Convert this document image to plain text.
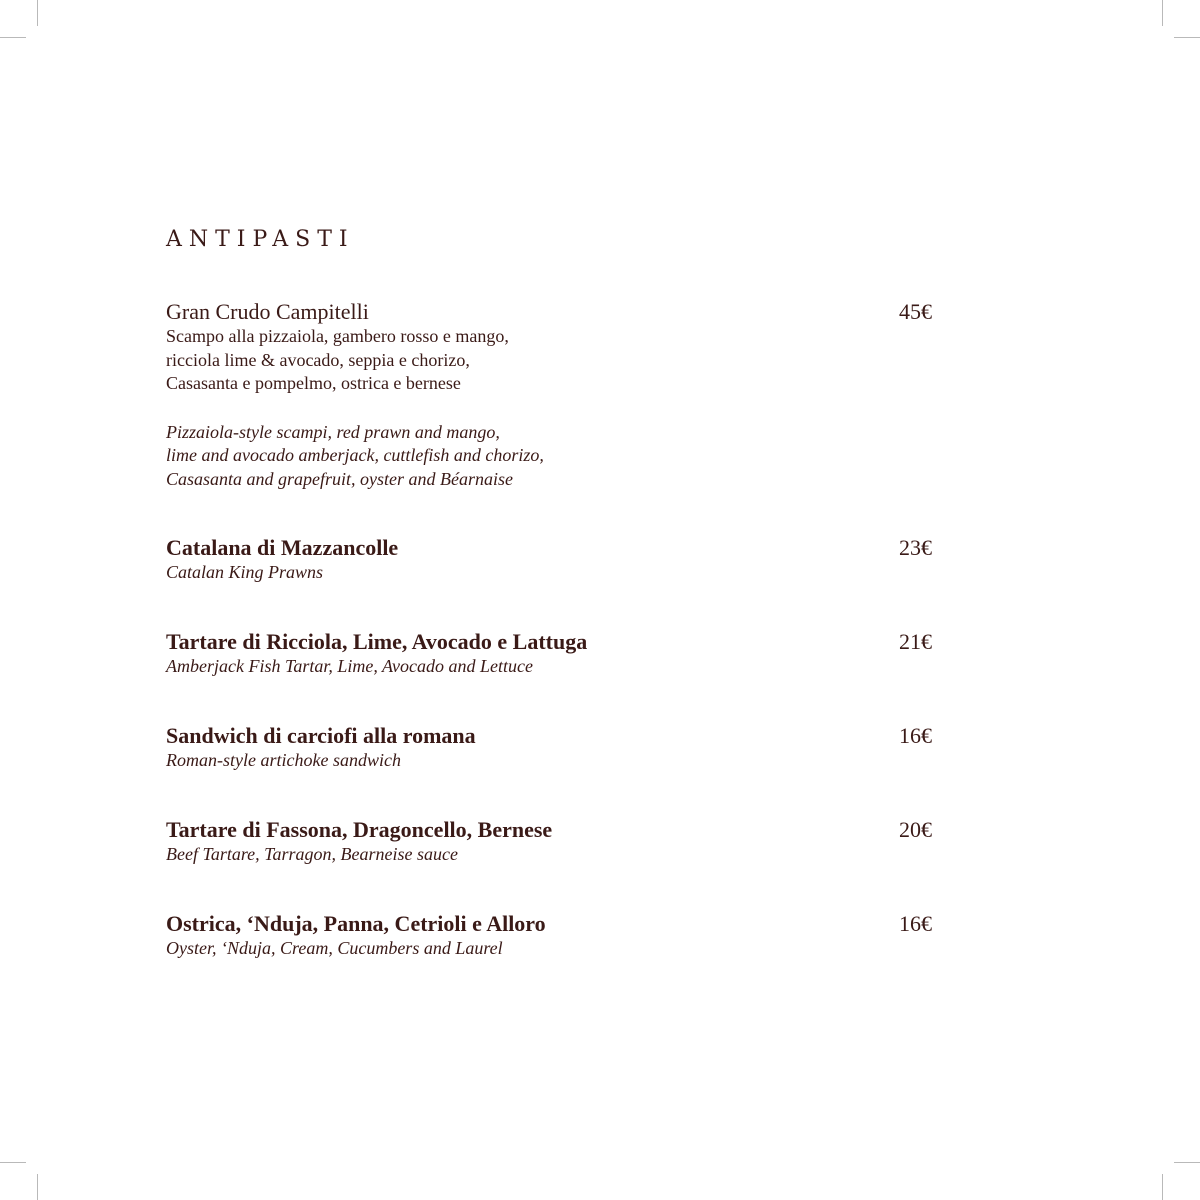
ANTIPASTI
Gran Crudo Campitelli	45€
Scampo alla pizzaiola, gambero rosso e mango,
ricciola lime & avocado, seppia e chorizo,
Casasanta e pompelmo, ostrica e bernese
Pizzaiola-style scampi, red prawn and mango,
lime and avocado amberjack, cuttlefish and chorizo,
Casasanta and grapefruit, oyster and Béarnaise
Catalana di Mazzancolle	23€
Catalan King Prawns
Tartare di Ricciola, Lime, Avocado e Lattuga	21€
Amberjack Fish Tartar, Lime, Avocado and Lettuce
Sandwich di carciofi alla romana	16€
Roman-style artichoke sandwich
Tartare di Fassona, Dragoncello, Bernese	20€
Beef Tartare, Tarragon, Bearneise sauce
Ostrica, ‘Nduja, Panna, Cetrioli e Alloro	16€
Oyster, ‘Nduja, Cream, Cucumbers and Laurel
